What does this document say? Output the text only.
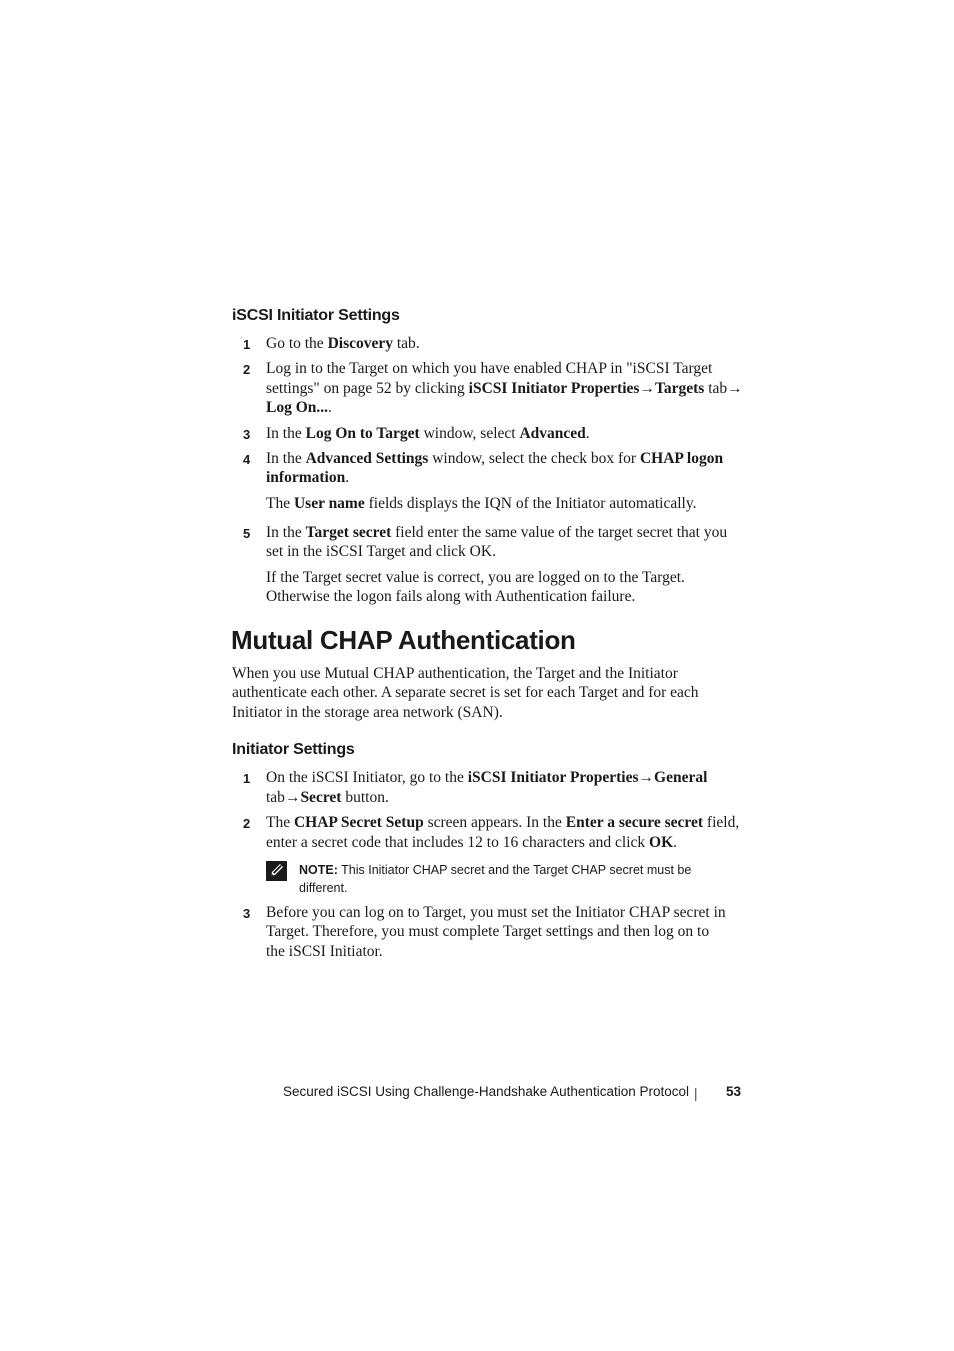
iSCSI Initiator Settings
1 Go to the Discovery tab.
2 Log in to the Target on which you have enabled CHAP in "iSCSI Target
settings" on page 52 by clicking iSCSI Initiator Properties→Targets tab→
Log On....
3 In the Log On to Target window, select Advanced.
4 In the Advanced Settings window, select the check box for CHAP logon
information.
The User name fields displays the IQN of the Initiator automatically.
5 In the Target secret field enter the same value of the target secret that you
set in the iSCSI Target and click OK.
If the Target secret value is correct, you are logged on to the Target.
Otherwise the logon fails along with Authentication failure.
Mutual CHAP Authentication
When you use Mutual CHAP authentication, the Target and the Initiator
authenticate each other. A separate secret is set for each Target and for each
Initiator in the storage area network (SAN).
Initiator Settings
1 On the iSCSI Initiator, go to the iSCSI Initiator Properties→General
tab→Secret button.
2 The CHAP Secret Setup screen appears. In the Enter a secure secret field,
enter a secret code that includes 12 to 16 characters and click OK.
NOTE: This Initiator CHAP secret and the Target CHAP secret must be
different.
3 Before you can log on to Target, you must set the Initiator CHAP secret in
Target. Therefore, you must complete Target settings and then log on to
the iSCSI Initiator.
Secured iSCSI Using Challenge-Handshake Authentication Protocol | 53
